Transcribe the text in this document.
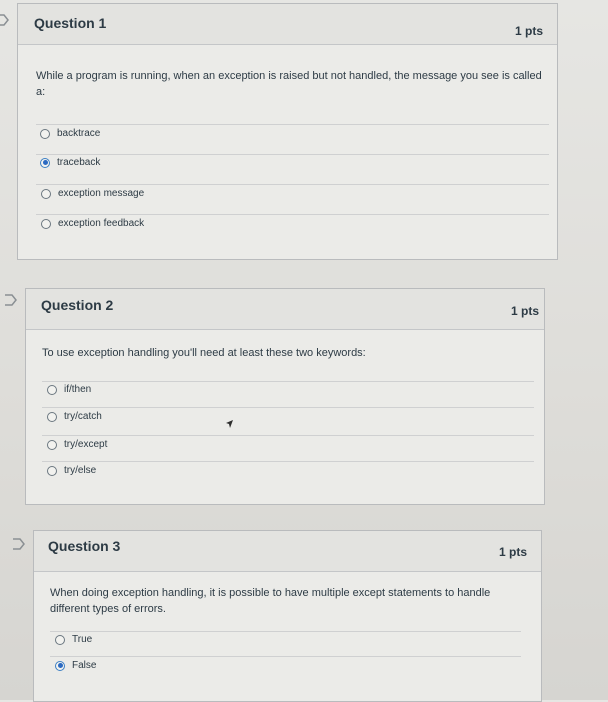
Question 1	1 pts
While a program is running, when an exception is raised but not handled, the message you see is called a:
backtrace
traceback
exception message
exception feedback
Question 2	1 pts
To use exception handling you'll need at least these two keywords:
if/then
try/catch
try/except
try/else
Question 3	1 pts
When doing exception handling, it is possible to have multiple except statements to handle different types of errors.
True
False
